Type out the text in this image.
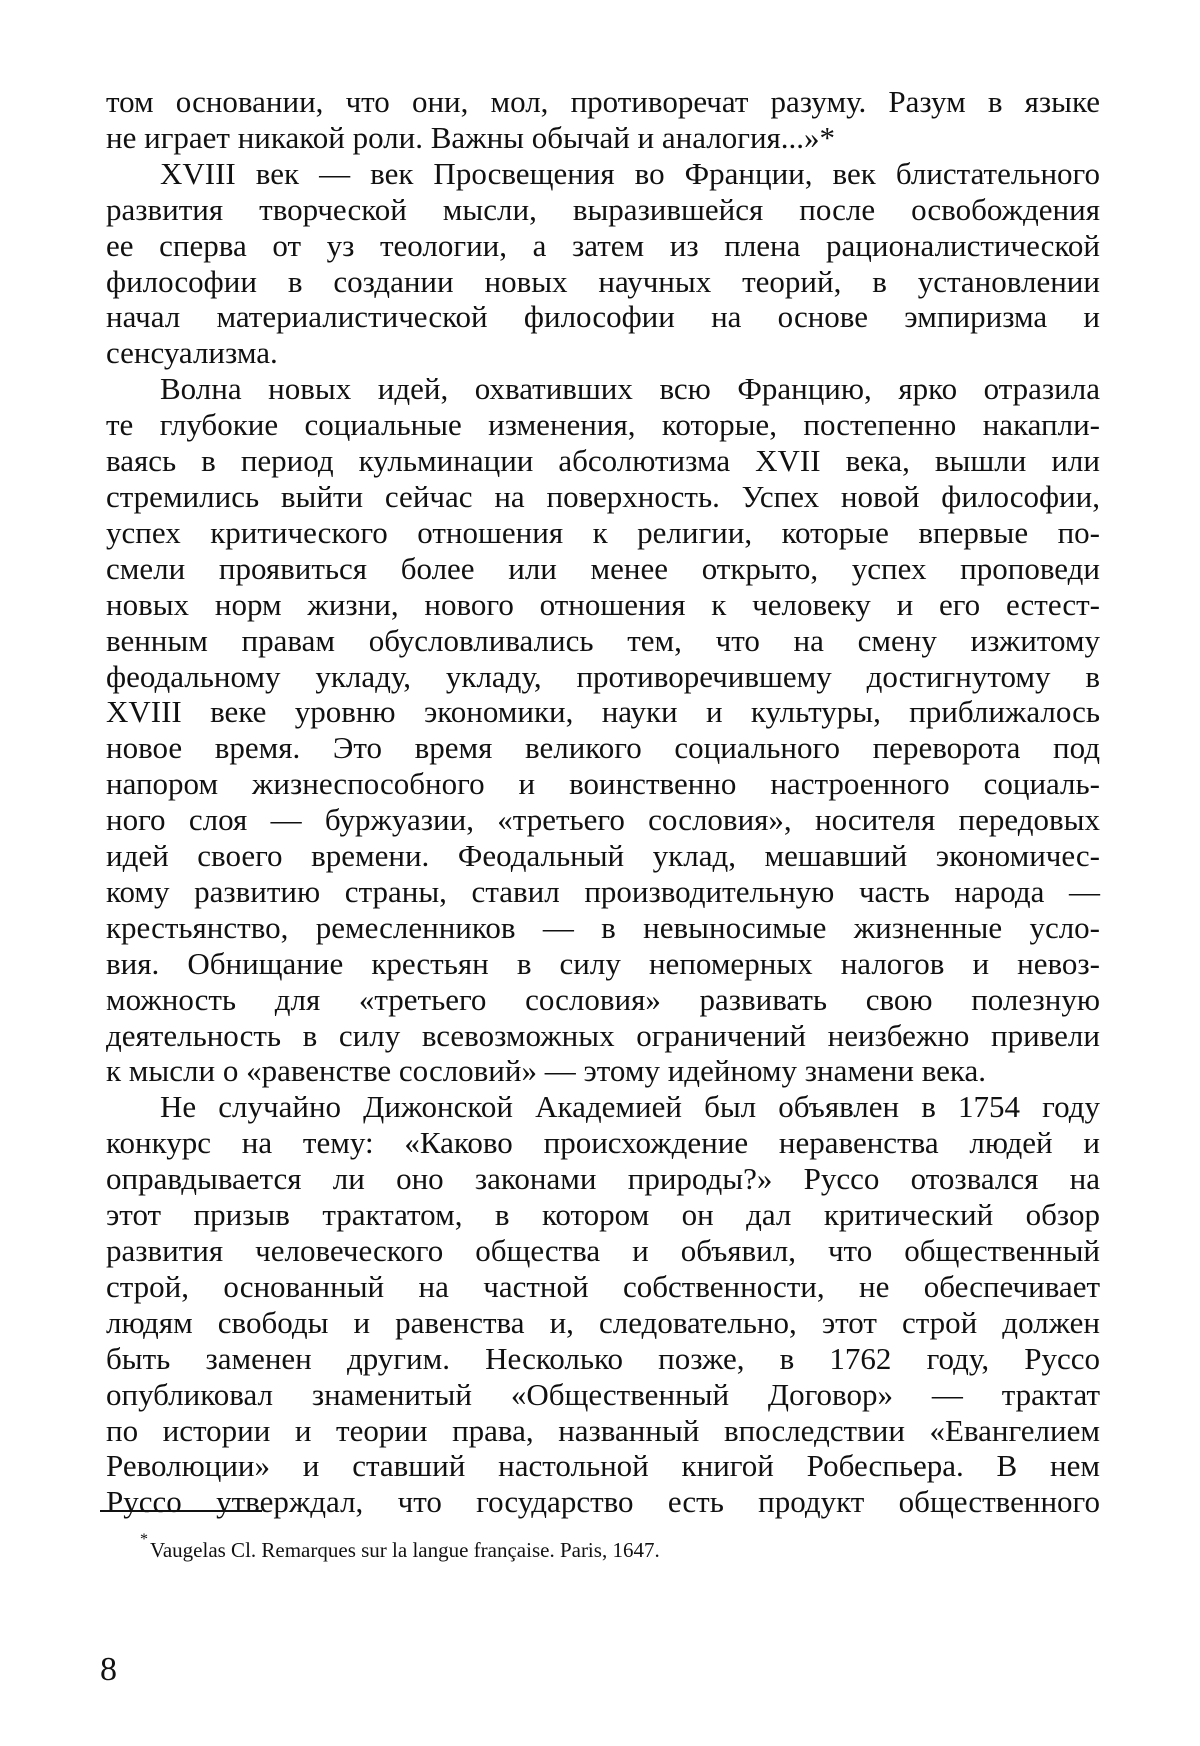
том основании, что они, мол, противоречат разуму. Разум в языке
не играет никакой роли. Важны обычай и аналогия...»*

XVIII век — век Просвещения во Франции, век блистательного
развития творческой мысли, выразившейся после освобождения
ее сперва от уз теологии, а затем из плена рационалистической
философии в создании новых научных теорий, в установлении
начал материалистической философии на основе эмпиризма и
сенсуализма.

Волна новых идей, охвативших всю Францию, ярко отразила
те глубокие социальные изменения, которые, постепенно накапли-
ваясь в период кульминации абсолютизма XVII века, вышли или
стремились выйти сейчас на поверхность. Успех новой философии,
успех критического отношения к религии, которые впервые по-
смели проявиться более или менее открыто, успех проповеди
новых норм жизни, нового отношения к человеку и его естест-
венным правам обусловливались тем, что на смену изжитому
феодальному укладу, укладу, противоречившему достигнутому в
XVIII веке уровню экономики, науки и культуры, приближалось
новое время. Это время великого социального переворота под
напором жизнеспособного и воинственно настроенного социаль-
ного слоя — буржуазии, «третьего сословия», носителя передовых
идей своего времени. Феодальный уклад, мешавший экономичес-
кому развитию страны, ставил производительную часть народа —
крестьянство, ремесленников — в невыносимые жизненные усло-
вия. Обнищание крестьян в силу непомерных налогов и невоз-
можность для «третьего сословия» развивать свою полезную
деятельность в силу всевозможных ограничений неизбежно привели
к мысли о «равенстве сословий» — этому идейному знамени века.

Не случайно Дижонской Академией был объявлен в 1754 году
конкурс на тему: «Каково происхождение неравенства людей и
оправдывается ли оно законами природы?» Руссо отозвался на
этот призыв трактатом, в котором он дал критический обзор
развития человеческого общества и объявил, что общественный
строй, основанный на частной собственности, не обеспечивает
людям свободы и равенства и, следовательно, этот строй должен
быть заменен другим. Несколько позже, в 1762 году, Руссо
опубликовал знаменитый «Общественный Договор» — трактат
по истории и теории права, названный впоследствии «Евангелием
Революции» и ставший настольной книгой Робеспьера. В нем
Руссо утверждал, что государство есть продукт общественного

* Vaugelas Cl. Remarques sur la langue française. Paris, 1647.
8
